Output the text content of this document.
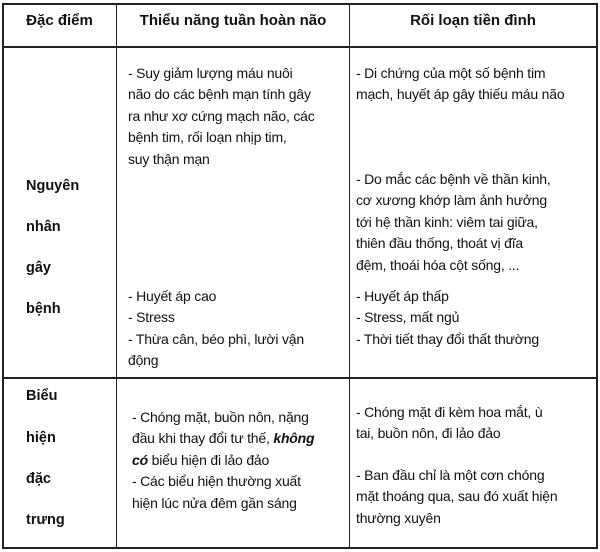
Đặc điểm	Thiểu năng tuần hoàn não	Rối loạn tiền đình
Nguyên
nhân
gây
bệnh
- Suy giảm lượng máu nuôi
não do các bệnh mạn tính gây
ra như xơ cứng mạch não, các
bệnh tim, rối loạn nhịp tim,
suy thận mạn
- Huyết áp cao
- Stress
- Thừa cân, béo phì, lười vận
động
- Di chứng của một số bệnh tim
mạch, huyết áp gây thiếu máu não
- Do mắc các bệnh về thần kinh,
cơ xương khớp làm ảnh hưởng
tới hệ thần kinh: viêm tai giữa,
thiên đầu thống, thoát vị đĩa
đệm, thoái hóa cột sống, ...
- Huyết áp thấp
- Stress, mất ngủ
- Thời tiết thay đổi thất thường
Biểu
hiện
đặc
trưng
- Chóng mặt, buồn nôn, nặng
đầu khi thay đổi tư thế, không
có biểu hiện đi lảo đảo
- Các biểu hiện thường xuất
hiện lúc nửa đêm gần sáng
- Chóng mặt đi kèm hoa mắt, ù
tai, buồn nôn, đi lảo đảo
- Ban đầu chỉ là một cơn chóng
mặt thoáng qua, sau đó xuất hiện
thường xuyên
